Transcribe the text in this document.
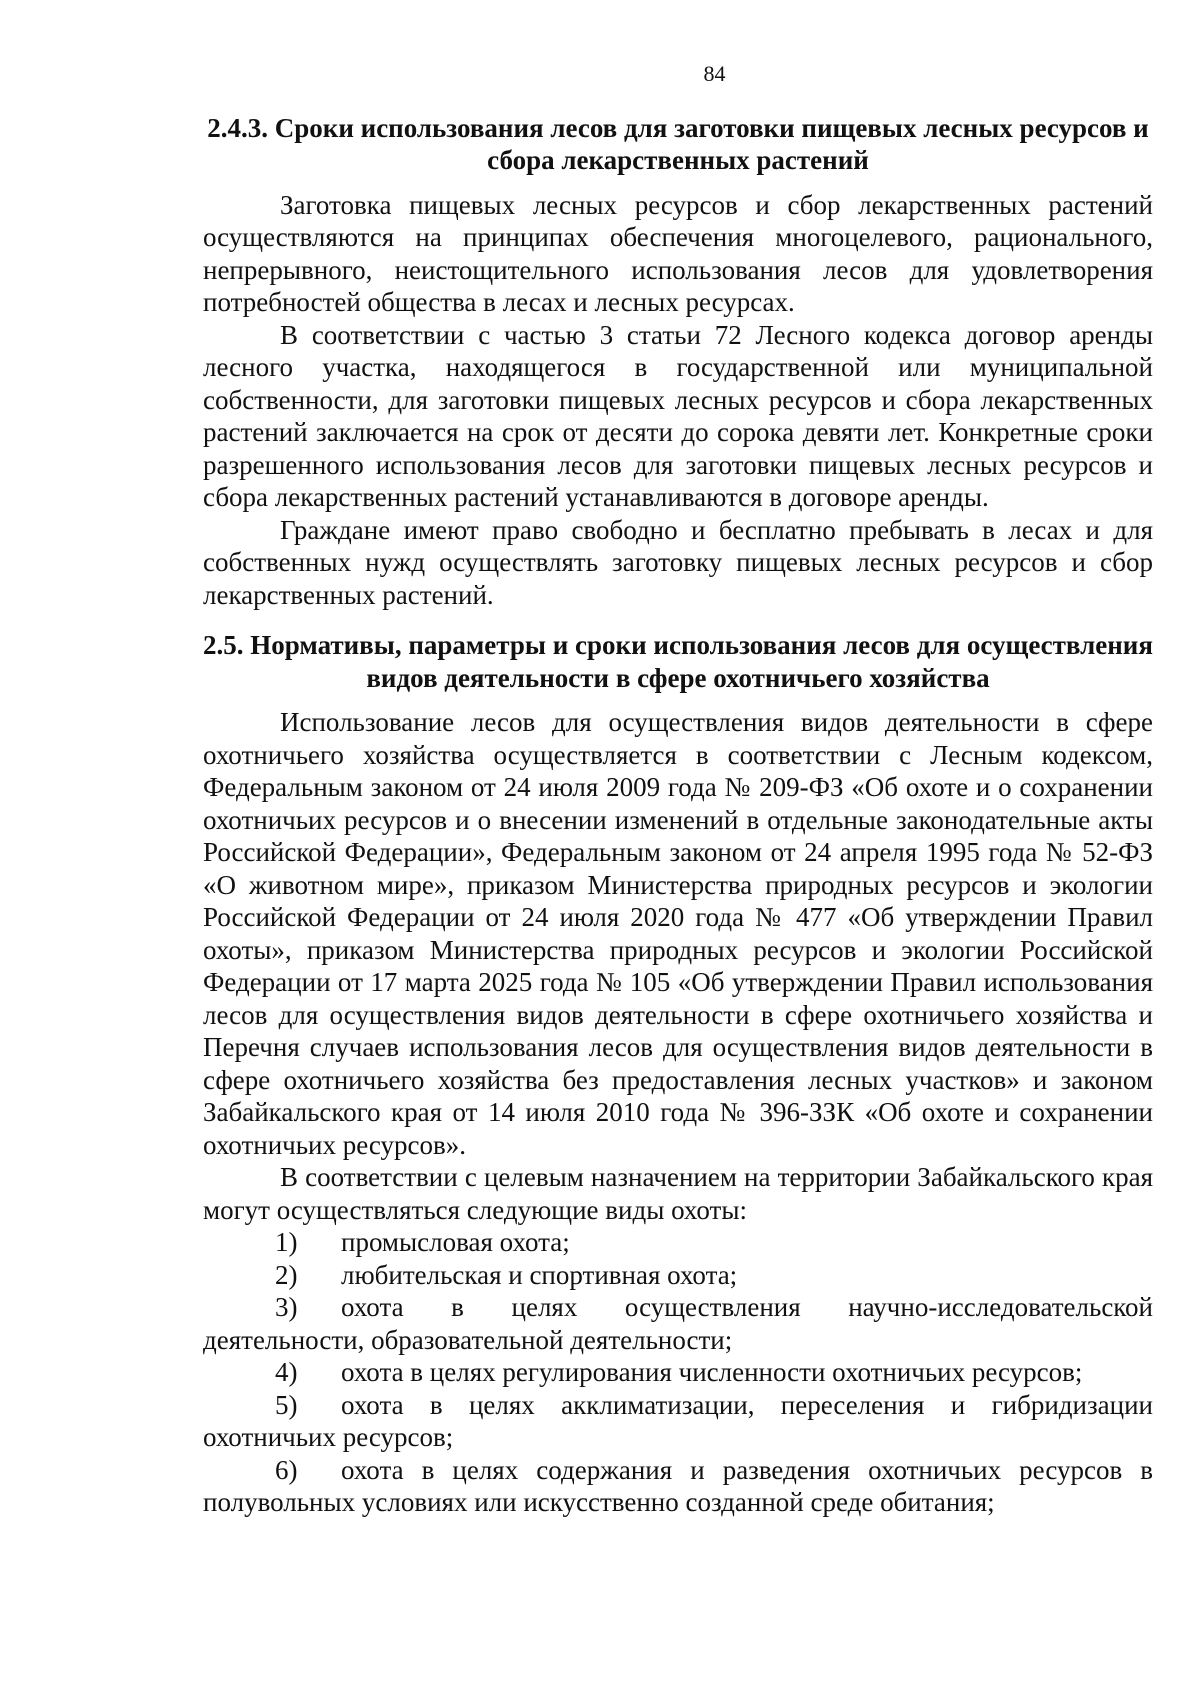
84

2.4.3. Сроки использования лесов для заготовки пищевых лесных ресурсов и сбора лекарственных растений

Заготовка пищевых лесных ресурсов и сбор лекарственных растений осуществляются на принципах обеспечения многоцелевого, рационального, непрерывного, неистощительного использования лесов для удовлетворения потребностей общества в лесах и лесных ресурсах.

В соответствии с частью 3 статьи 72 Лесного кодекса договор аренды лесного участка, находящегося в государственной или муниципальной собственности, для заготовки пищевых лесных ресурсов и сбора лекарственных растений заключается на срок от десяти до сорока девяти лет. Конкретные сроки разрешенного использования лесов для заготовки пищевых лесных ресурсов и сбора лекарственных растений устанавливаются в договоре аренды.

Граждане имеют право свободно и бесплатно пребывать в лесах и для собственных нужд осуществлять заготовку пищевых лесных ресурсов и сбор лекарственных растений.

2.5. Нормативы, параметры и сроки использования лесов для осуществления видов деятельности в сфере охотничьего хозяйства

Использование лесов для осуществления видов деятельности в сфере охотничьего хозяйства осуществляется в соответствии с Лесным кодексом, Федеральным законом от 24 июля 2009 года № 209-ФЗ «Об охоте и о сохранении охотничьих ресурсов и о внесении изменений в отдельные законодательные акты Российской Федерации», Федеральным законом от 24 апреля 1995 года № 52-ФЗ «О животном мире», приказом Министерства природных ресурсов и экологии Российской Федерации от 24 июля 2020 года № 477 «Об утверждении Правил охоты», приказом Министерства природных ресурсов и экологии Российской Федерации от 17 марта 2025 года № 105 «Об утверждении Правил использования лесов для осуществления видов деятельности в сфере охотничьего хозяйства и Перечня случаев использования лесов для осуществления видов деятельности в сфере охотничьего хозяйства без предоставления лесных участков» и законом Забайкальского края от 14 июля 2010 года № 396-ЗЗК «Об охоте и сохранении охотничьих ресурсов».

В соответствии с целевым назначением на территории Забайкальского края могут осуществляться следующие виды охоты:

1) промысловая охота;

2) любительская и спортивная охота;

3) охота в целях осуществления научно-исследовательской деятельности, образовательной деятельности;

4) охота в целях регулирования численности охотничьих ресурсов;

5) охота в целях акклиматизации, переселения и гибридизации охотничьих ресурсов;

6) охота в целях содержания и разведения охотничьих ресурсов в полувольных условиях или искусственно созданной среде обитания;
